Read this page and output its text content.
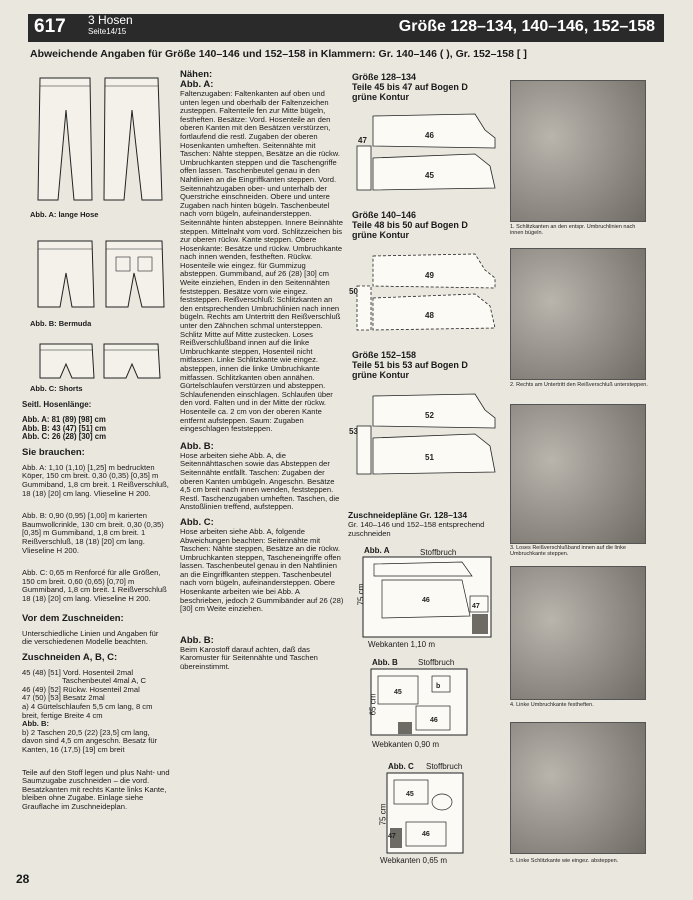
617 3 Hosen
Seite14/15	Größe 128–134, 140–146, 152–158
Abweichende Angaben für Größe 140–146 und 152–158 in Klammern: Gr. 140–146 ( ), Gr. 152–158 [ ]
Abb. A: lange Hose
Abb. B: Bermuda
Abb. C: Shorts

Seitl. Hosenlänge:

Abb. A: 81 (89) [98] cm
Abb. B: 43 (47) [51] cm
Abb. C: 26 (28) [30] cm

Sie brauchen:

Abb. A: 1,10 (1,10) [1,25] m bedruckten Köper, 150 cm breit. 0,30 (0,35) [0,35] m Gummiband, 1,8 cm breit. 1 Reißverschluß, 18 (18) [20] cm lang. Vlieseline H 200.

Abb. B: 0,90 (0,95) [1,00] m karierten Baumwollcrinkle, 130 cm breit. 0,30 (0,35) [0,35] m Gummiband, 1,8 cm breit. 1 Reißverschluß, 18 (18) [20] cm lang. Vlieseline H 200.

Abb. C: 0,65 m Renforcé für alle Größen, 150 cm breit. 0,60 (0,65) [0,70] m Gummiband, 1,8 cm breit. 1 Reißverschluß 18 (18) [20] cm lang. Vlieseline H 200.

Vor dem Zuschneiden:

Unterschiedliche Linien und Angaben für die verschiedenen Modelle beachten.

Zuschneiden A, B, C:

45 (48) [51] Vord. Hosenteil 2mal
Taschenbeutel 4mal A, C
46 (49) [52] Rückw. Hosenteil 2mal
47 (50) [53] Besatz 2mal
a) 4 Gürtelschlaufen 5,5 cm lang, 8 cm breit, fertige Breite 4 cm
Abb. B:
b) 2 Taschen 20,5 (22) [23,5] cm lang, davon sind 4,5 cm angeschn. Besatz für Kanten, 16 (17,5) [19] cm breit

Teile auf den Stoff legen und plus Naht- und Saumzugabe zuschneiden – die vord. Besatzkanten mit rechts Kante links Kante, bleiben ohne Zugabe. Einlage siehe Grauflache im Zuschneideplan.

Nähen:

Abb. A:

Faltenzugaben: Faltenkanten auf oben und unten legen und oberhalb der Faltenzeichen zusteppen. Faltenteile fen zur Mitte bügeln, festheften. Besätze: Vord. Hosenteile an den oberen Kanten mit den Besätzen verstürzen, fortlaufend die restl. Zugaben der oberen Hosenkanten umheften. Seitennähte mit Taschen: Nähte steppen, Besätze an die rückw. Umbruchkanten steppen und die Taschengriffe offen lassen. Taschenbeutel genau in den Nahtlinien an die Eingriffkanten steppen. Vord. Seitennahtzugaben ober- und unterhalb der Querstriche einschneiden. Obere und untere Zugaben nach hinten bügeln. Taschenbeutel nach vorn bügeln, aufeinandersteppen. Seitennähte hinten absteppen. Innere Beinnähte steppen. Mittelnaht vom vord. Schlitzzeichen bis zur oberen rückw. Kante steppen. Obere Hosenkante: Besätze und rückw. Umbruchkante nach innen wenden, festheften. Rückw. Hosenteile wie eingez. für Gummizug absteppen. Gummiband, auf 26 (28) [30] cm Weite einziehen, Enden in den Seitennähten feststeppen. Besätze vorn wie eingez. feststeppen. Reißverschluß: Schlitzkanten an den entsprechenden Umbruchlinien nach innen bügeln. Rechts am Untertritt den Reißverschluß unter den Zähnchen schmal untersteppen. Schlitz Mitte auf Mitte zustecken. Loses Reißverschlußband innen auf die linke Umbruchkante steppen, Hosenteil nicht mitfassen. Linke Schlitzkante wie eingez. absteppen, innen die linke Umbruchkante mitfassen. Schlitzkanten oben annähen. Gürtelschlaufen verstürzen und absteppen. Schlaufenenden einschlagen. Schlaufen über den vord. Falten und in der Mitte der rückw. Hosenteile ca. 2 cm von der oberen Kante entfernt aufsteppen. Saum: Zugaben eingeschlagen feststeppen.

Abb. B:

Hose arbeiten siehe Abb. A, die Seitennähttaschen sowie das Absteppen der Seitennähte entfällt. Taschen: Zugaben der oberen Kanten umbügeln. Angeschn. Besätze 4,5 cm breit nach innen wenden, feststeppen. Restl. Taschenzugaben umheften. Taschen, die Anstoßlinien treffend, aufsteppen.

Abb. C:

Hose arbeiten siehe Abb. A, folgende Abweichungen beachten: Seitennähte mit Taschen: Nähte steppen, Besätze an die rückw. Umbruchkanten steppen, Tascheneingriffe offen lassen. Taschenbeutel genau in den Nahtlinien an die Eingriffkanten steppen. Taschenbeutel nach vorn bügeln, aufeinandersteppen. Obere Hosenkante arbeiten wie bei Abb. A beschrieben, jedoch 2 Gummibänder auf 26 (28) [30] cm Weite einziehen.

Abb. B:

Beim Karostoff darauf achten, daß das Karomuster für Seitennähte und Taschen übereinstimmt.

Größe 128–134
Teile 45 bis 47 auf Bogen D
grüne Kontur
46
45
47
Größe 140–146
Teile 48 bis 50 auf Bogen D
grüne Kontur
49
48
50
Größe 152–158
Teile 51 bis 53 auf Bogen D
grüne Kontur
52
51
53
Zuschneidepläne Gr. 128–134
Gr. 140–146 und 152–158 entsprechend zuschneiden
Abb. A	Stoffbruch
46
47
75 cm
Webkanten 1,10 m
Abb. B	Stoffbruch
45
b
46
65 cm
Webkanten 0,90 m
Abb. C Stoffbruch
45
46
47
75 cm
Webkanten 0,65 m
1. Schlitzkanten an den entspr. Umbruchlinien nach innen bügeln.
2. Rechts am Untertritt den Reißverschluß untersteppen.
3. Loses Reißverschlußband innen auf die linke Umbruchkante steppen.
4. Linke Umbruchkante festheften.
5. Linke Schlitzkante wie eingez. absteppen.
28
